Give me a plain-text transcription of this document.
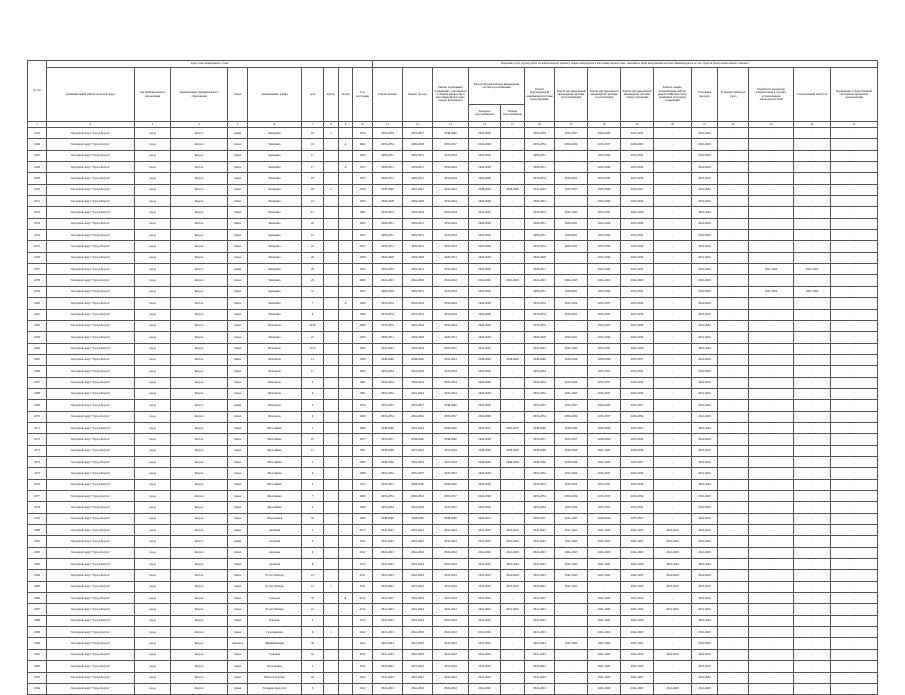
№ п/п	Адрес многоквартирного дома									Перечень услуг и (или) работ по капитальному ремонту общего имущества в многоквартирном доме, оказание и (или) выполнение которых финансируется за счет средств фонда капитального ремонта														
	муниципальный район/городской округ	тип муниципального образования	наименование муниципального образования	улица	наименование улицы	дом	корпус	литера	Год постройки	Ремонт крыши	Ремонт фасада	Ремонт подвальных помещений, относящихся к общему имуществу в многоквартирном доме, ремонт фундамента	Ремонт внутридомовых инженерных систем водоснабжения		Ремонт внутридомовой инженерной системы водоотведения	Ремонт внутридомовой инженерной системы теплоснабжения	Ремонт внутридомовой инженерной системы газоснабжения	Ремонт внутридомовой инженерной системы электроснабжения	Ремонт, замена, модернизация лифтов, ремонт лифтовых шахт, машинных и блочных помещений	Утепление фасадов	Установка приборов учета	Разработка проектной документации в случаях, установленных законодательством	Строительный контроль	Проведение государственной экспертизы проектной документации
													Холодное водоснабжение	Горячее водоснабжение										
1	2	3	4	5	6	7	8	9	10	11	12	13	14	15	16	17	18	19	20	21	22	23	24	25
2245	Городской округ "Город Калуга"	город	Калуга	улица	Чичерина	16	1		1976	2032-2034	2035-2037	2038-2040	2026-2028	-	2032-2034	2035-2037	2038-2040	2032-2034	-	2041-2043	-	-	-	-
2246	Городской округ "Город Калуга"	город	Калуга	улица	Чичерина	10		А	1962	2032-2034	2026-2028	2035-2037	2026-2028	-	2032-2034	2032-2034	2035-2037	2029-2031	-	2041-2043	-	-	-	-
2247	Городской округ "Город Калуга"	город	Калуга	улица	Чичерина	17			1954	2029-2031	2029-2031	2032-2034	2026-2028	-	2029-2031	-	2032-2034	2032-2034	-	2041-2043	-	-	-	-
2248	Городской округ "Город Калуга"	город	Калуга	улица	Чичерина	17		А	1953	2029-2031	2029-2031	2032-2034	2026-2028	-	2029-2031	-	2032-2034	2032-2034	-	2041-2043	-	-	-	-
2249	Городской округ "Город Калуга"	город	Калуга	улица	Чичерина	18			1955	2029-2031	2029-2031	2032-2034	2026-2028	-	2032-2034	2029-2031	2032-2034	2032-2034	-	2041-2043	-	-	-	-
2250	Городской округ "Город Калуга"	город	Калуга	улица	Чичерина	18	1		1958	2038-2040	2041-2043	2041-2043	2038-2040	2038-2040	2041-2043	2035-2037	2038-2040	2035-2037	-	2041-2043	-	-	-	-
2251	Городской округ "Город Калуга"	город	Калуга	улица	Чичерина	19			1953	2026-2028	2026-2028	2032-2034	2026-2028	-	2026-2031	-	2032-2034	2032-2034	-	2041-2043	-	-	-	-
2252	Городской округ "Город Калуга"	город	Калуга	улица	Чичерина	2/7			1961	2032-2034	2032-2034	2032-2034	2041-2043	-	2032-2034	2041-2043	2035-2037	2041-2043	-	2041-2043	-	-	-	-
2253	Городской округ "Город Калуга"	город	Калуга	улица	Чичерина	20			1954	2029-2031	2029-2031	2032-2034	2026-2028	-	2029-2031	2029-2031	2032-2034	2032-2034	-	2041-2043	-	-	-	-
2254	Городской округ "Город Калуга"	город	Калуга	улица	Чичерина	21			1953	2029-2031	2029-2031	2032-2034	2026-2028	-	2029-2031	2029-2031	2032-2034	2032-2034	-	2041-2043	-	-	-	-
2255	Городской округ "Город Калуга"	город	Калуга	улица	Чичерина	22			1955	2029-2031	2029-2031	2032-2034	2026-2028	-	2032-2034	2029-2031	2032-2034	2032-2034	-	2041-2043	-	-	-	-
2256	Городской округ "Город Калуга"	город	Калуга	улица	Чичерина	26			1958	2026-2028	2026-2028	2029-2031	2026-2028	-	2026-2028	-	2032-2034	2032-2034	-	2041-2043	-	-	-	-
2257	Городской округ "Город Калуга"	город	Калуга	улица	Чичерина	28			1954	2032-2032	2029-2031	2032-2034	2026-2028	-	2029-2031	-	2032-2034	2032-2034	-	2041-2043	-	2021-2022	2021-2022	-
2258	Городской округ "Город Калуга"	город	Калуга	улица	Чичерина	29			2000	2041-2043	2041-2043	2041-2043	2041-2043	2041-2043	2041-2043	2041-2043	2041-2043	2041-2043	-	2041-2043	-	-	-	-
2259	Городской округ "Город Калуга"	город	Калуга	улица	Чичерина	31			1953	2026-2028	2029-2031	2032-2034	2026-2028	-	2029-2031	2029-2031	2032-2034	2032-2034	-	2041-2043	-	2021-2022	2021-2022	-
2260	Городской округ "Город Калуга"	город	Калуга	улица	Чичерина	7		А	1966	2032-2034	2032-2034	2032-2034	2026-2028	-	2032-2034	2032-2034	2035-2037	2032-2034	-	2041-2043	-	-	-	-
2261	Городской округ "Город Калуга"	город	Калуга	улица	Чичерина	9			1959	2032-2034	2032-2034	2032-2034	2026-2028	-	2032-2034	2029-2031	2035-2037	2032-2034	-	2041-2043	-	-	-	-
2262	Городской округ "Город Калуга"	город	Калуга	улица	Шахтеров	14/22			1968	2032-2034	2032-2034	2032-2034	2026-2028	-	2032-2034	-	2035-2037	2032-2034	-	2041-2043	-	-	-	-
2263	Городской округ "Город Калуга"	город	Калуга	улица	Чичерина	25			1956	2029-2031	2026-2028	2029-2031	2026-2028	-	2029-2028	2029-2031	2032-2034	2032-2034	-	2041-2043	-	-	-	-
2264	Городской округ "Город Калуга"	город	Калуга	улица	Шахтеров	11/23			1965	2041-2043	2032-2034	2035-2037	2041-2043	-	2041-2043	2041-2043	2035-2037	2041-2043	-	2041-2043	-	-	-	-
2265	Городской округ "Город Калуга"	город	Калуга	улица	Шахтеров	13			1966	2038-2040	2038-2040	2041-2043	2038-2040	2038-2040	2038-2040	2038-2040	2038-2040	2035-2037	-	2041-2043	-	-	-	-
2266	Городской округ "Город Калуга"	город	Калуга	улица	Шахтеров	17			1959	2032-2034	2032-2034	2032-2034	2026-2028	-	2032-2034	-	2035-2037	2032-2034	-	2041-2043	-	-	-	-
2267	Городской округ "Город Калуга"	город	Калуга	улица	Шахтеров	3			1961	2032-2034	2032-2034	2032-2034	2026-2028	-	2032-2034	2032-2034	2035-2037	2032-2034	-	2041-2043	-	-	-	-
2268	Городской округ "Город Калуга"	город	Калуга	улица	Шахтеров	4			1961	2032-2034	2041-2043	2032-2034	2026-2028	-	2032-2034	2041-2043	2035-2037	2032-2034	-	2041-2043	-	-	-	-
2269	Городской округ "Город Калуга"	город	Калуга	улица	Шахтеров	5			1976	2035-2037	2035-2037	2038-2040	2026-2028	-	2035-2037	2035-2037	2038-2040	2035-2037	-	2041-2043	-	-	-	-
2270	Городской округ "Город Калуга"	город	Калуга	улица	Шахтеров	6			1960	2032-2034	2032-2034	2035-2037	2026-2028	-	2032-2034	2032-2034	2035-2037	2032-2034	-	2041-2043	-	-	-	-
2271	Городской округ "Город Калуга"	город	Калуга	улица	Шоссейная	1			1989	2038-2040	2041-2043	2038-2040	2035-2037	2035-2037	2038-2040	2038-2040	2038-2040	2035-2037	-	2041-2043	-	-	-	-
2272	Городской округ "Город Калуга"	город	Калуга	улица	Шоссейная	10			1977	2035-2037	2038-2040	2038-2040	2026-2028	-	2035-2037	2035-2037	2038-2040	2032-2034	-	2041-2043	-	-	-	-
2273	Городской округ "Город Калуга"	город	Калуга	улица	Шоссейная	11			1997	2038-2040	2041-2043	2041-2043	2038-2040	2038-2040	2038-2040	2038-2040	2041-2043	2038-2040	-	2041-2043	-	-	-	-
2274	Городской округ "Город Калуга"	город	Калуга	улица	Шоссейная	3			1992	2038-2040	2041-2043	2041-2043	2038-2040	2038-2040	2038-2040	2038-2040	2041-2043	2035-2037	-	2041-2043	-	-	-	-
2275	Городской округ "Город Калуга"	город	Калуга	улица	Шоссейная	4			1968	2032-2034	2035-2037	2035-2037	2026-2028	-	2032-2034	2032-2034	2035-2037	2032-2034	-	2041-2043	-	-	-	-
2276	Городской округ "Город Калуга"	город	Калуга	улица	Шоссейная	5			1974	2035-2037	2038-2040	2038-2040	2026-2028	-	2032-2034	2032-2034	2035-2037	2032-2034	-	2041-2043	-	-	-	-
2277	Городской округ "Город Калуга"	город	Калуга	улица	Шоссейная	7			1966	2032-2034	2032-2034	2035-2037	2026-2028	-	2032-2034	2032-2034	2035-2037	2032-2034	-	2041-2043	-	-	-	-
2278	Городской округ "Город Калуга"	город	Калуга	улица	Шоссейная	9			1966	2032-2034	2032-2034	2035-2037	2026-2028	-	2032-2034	2032-2034	2035-2037	2032-2034	-	2041-2043	-	-	-	-
2279	Городской округ "Город Калуга"	город	Калуга	улица	Энергетиков	35			1962	2038-2040	2038-2040	2038-2040	2026-2031	-	2035-2037	2041-2043	2038-2040	2035-2037	-	2041-2043	-	-	-	-
2280	Городской округ "Город Калуга"	город	Калуга	улица	Азовская	2			2013	2041-2043	2041-2043	2041-2043	2041-2043	2041-2043	2041-2043	2041-2043	2041-2043	2041-2043	2041-2043	2041-2043	-	-	-	-
2281	Городской округ "Город Калуга"	город	Калуга	улица	Азовская	4			2011	2041-2043	2041-2043	2041-2043	2041-2043	2041-2043	2041-2043	2041-2043	2041-2043	2041-2043	2041-2043	2041-2043	-	-	-	-
2282	Городской округ "Город Калуга"	город	Калуга	улица	Азовская	6			2012	2041-2043	2041-2043	2041-2043	2041-2043	2041-2043	2041-2043	2041-2043	2041-2043	2041-2043	2041-2043	2041-2043	-	-	-	-
2283	Городской округ "Город Калуга"	город	Калуга	улица	Азовская	8			2012	2041-2043	2041-2043	2041-2043	2041-2043	2041-2043	2041-2043	2041-2043	2041-2043	2041-2043	2041-2043	2041-2043	-	-	-	-
2284	Городской округ "Город Калуга"	город	Калуга	улица	65 лет Победы	21			2011	2041-2043	2041-2043	2041-2043	2041-2043	2041-2043	2041-2043	2041-2043	2041-2043	2041-2043	2041-2043	2041-2043	-	-	-	-
2285	Городской округ "Город Калуга"	город	Калуга	улица	65 лет Победы	21	1		2011	2041-2043	2041-2043	2041-2043	2041-2043	2041-2043	2041-2043	2041-2043	-	2041-2043	2041-2043	2041-2043	-	-	-	-
2286	Городской округ "Город Калуга"	город	Калуга	улица	Суворова	79		Б	2012	2041-2043	2041-2043	2041-2043	2041-2043	-	2041-2043	-	2041-2043	2041-2043	-	2041-2043	-	-	-	-
2287	Городской округ "Город Калуга"	город	Калуга	улица	65 лет Победы	41			2012	2041-2043	2041-2043	2041-2043	2041-2043	2041-2043	2041-2043	-	2041-2043	2041-2043	2041-2043	2041-2043	-	-	-	-
2288	Городской округ "Город Калуга"	город	Калуга	улица	Карпова	3			2012	2041-2043	2041-2043	2041-2043	2041-2043	-	2041-2043	-	2041-2043	2041-2043	-	2041-2043	-	-	-	-
2289	Городской округ "Город Калуга"	город	Калуга	улица	Георгиевская	6	1		2012	2041-2043	2041-2043	2041-2043	2041-2043	-	2041-2043	-	2041-2043	2041-2043	-	2041-2043	-	-	-	-
2290	Городской округ "Город Калуга"	город	Калуга	переулок	Михайловский	30			2012	2041-2043	2041-2043	2041-2043	2041-2043	-	2041-2043	2041-2043	2041-2043	2041-2043	-	2041-2043	-	-	-	-
2291	Городской округ "Город Калуга"	город	Калуга	улица	Тульская	52			2012	2041-2043	2041-2043	2041-2043	2041-2043	-	2041-2043	-	2041-2043	2041-2043	2041-2043	2041-2043	-	-	-	-
2292	Городской округ "Город Калуга"	город	Калуга	улица	Поселковая	5			2012	2041-2043	2041-2043	2041-2043	2041-2043	-	2041-2043	-	2041-2043	2041-2043	-	2041-2043	-	-	-	-
2293	Городской округ "Город Калуга"	город	Калуга	улица	Новослободская	44			2012	2041-2043	2041-2043	2041-2043	2041-2043	-	2041-2043	-	2041-2043	2041-2043	-	2041-2043	-	-	-	-
2294	Городской округ "Город Калуга"	город	Калуга	улица	Гагарина Дом-угол	6			2012	2041-2043	2041-2043	2041-2043	2041-2043	-	2041-2043	-	2041-2043	2041-2043	2041-2043	2041-2043	-	-	-	-
